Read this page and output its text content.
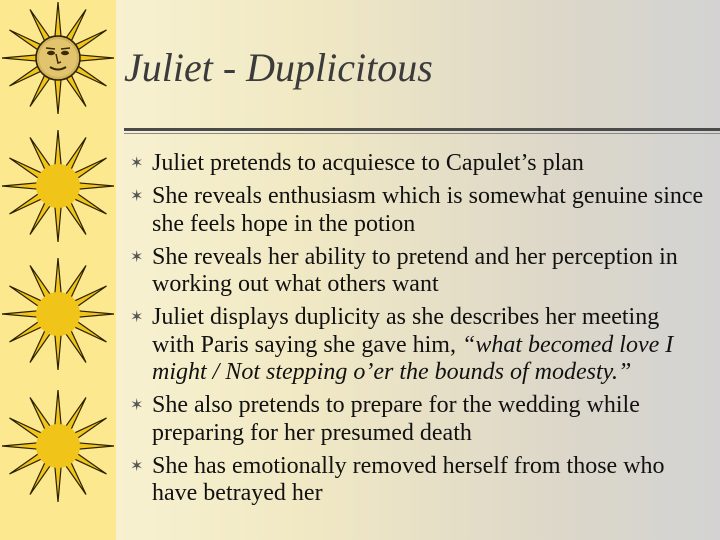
Juliet - Duplicitous
✶ Juliet pretends to acquiesce to Capulet’s plan
✶ She reveals enthusiasm which is somewhat genuine since she feels hope in the potion
✶ She reveals her ability to pretend and her perception in working out what others want
✶ Juliet displays duplicity as she describes her meeting with Paris saying she gave him, “what becomed love I might / Not stepping o’er the bounds of modesty.”
✶ She also pretends to prepare for the wedding while preparing for her presumed death
✶ She has emotionally removed herself from those who have betrayed her
